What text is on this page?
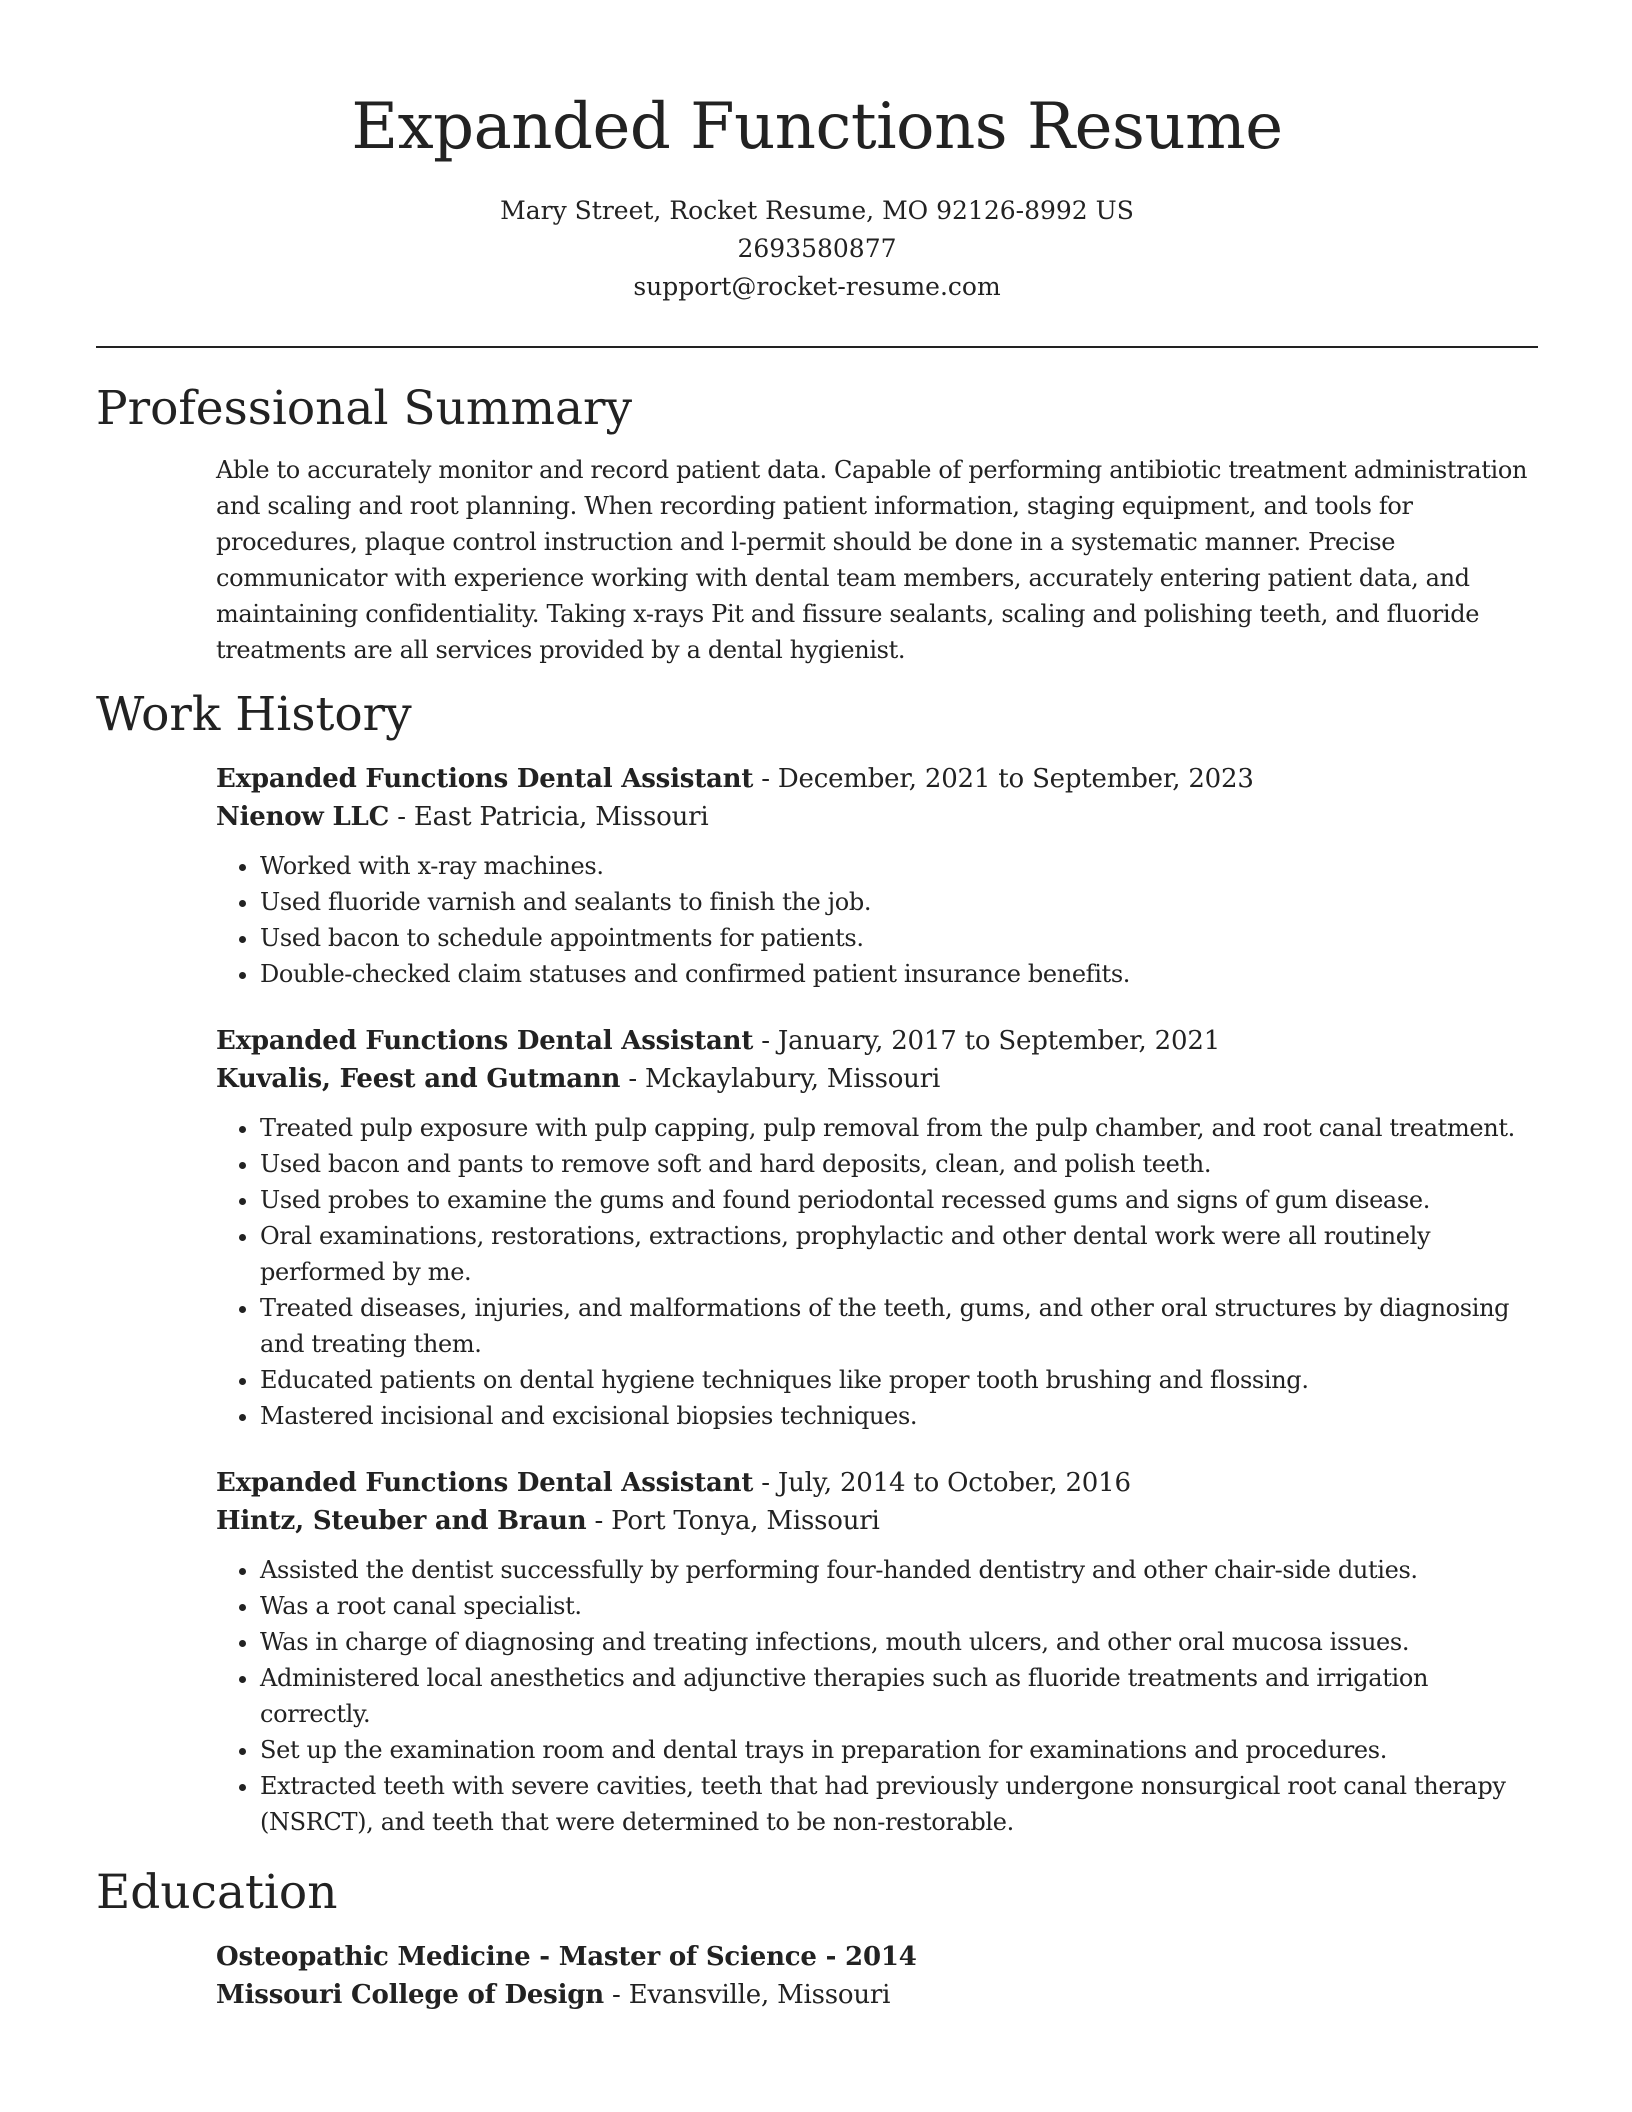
Expanded Functions Resume
Mary Street, Rocket Resume, MO 92126-8992 US
2693580877
support@rocket-resume.com
Professional Summary

Able to accurately monitor and record patient data. Capable of performing antibiotic treatment administration and scaling and root planning. When recording patient information, staging equipment, and tools for procedures, plaque control instruction and l-permit should be done in a systematic manner. Precise communicator with experience working with dental team members, accurately entering patient data, and maintaining confidentiality. Taking x-rays Pit and fissure sealants, scaling and polishing teeth, and fluoride treatments are all services provided by a dental hygienist.

Work History

Expanded Functions Dental Assistant - December, 2021 to September, 2023

Nienow LLC - East Patricia, Missouri

• Worked with x-ray machines.
• Used fluoride varnish and sealants to finish the job.
• Used bacon to schedule appointments for patients.
• Double-checked claim statuses and confirmed patient insurance benefits.

Expanded Functions Dental Assistant - January, 2017 to September, 2021

Kuvalis, Feest and Gutmann - Mckaylabury, Missouri

• Treated pulp exposure with pulp capping, pulp removal from the pulp chamber, and root canal treatment.
• Used bacon and pants to remove soft and hard deposits, clean, and polish teeth.
• Used probes to examine the gums and found periodontal recessed gums and signs of gum disease.
• Oral examinations, restorations, extractions, prophylactic and other dental work were all routinely performed by me.
• Treated diseases, injuries, and malformations of the teeth, gums, and other oral structures by diagnosing and treating them.
• Educated patients on dental hygiene techniques like proper tooth brushing and flossing.
• Mastered incisional and excisional biopsies techniques.

Expanded Functions Dental Assistant - July, 2014 to October, 2016

Hintz, Steuber and Braun - Port Tonya, Missouri

• Assisted the dentist successfully by performing four-handed dentistry and other chair-side duties.
• Was a root canal specialist.
• Was in charge of diagnosing and treating infections, mouth ulcers, and other oral mucosa issues.
• Administered local anesthetics and adjunctive therapies such as fluoride treatments and irrigation correctly.
• Set up the examination room and dental trays in preparation for examinations and procedures.
• Extracted teeth with severe cavities, teeth that had previously undergone nonsurgical root canal therapy (NSRCT), and teeth that were determined to be non-restorable.
Education

Osteopathic Medicine - Master of Science - 2014

Missouri College of Design - Evansville, Missouri
